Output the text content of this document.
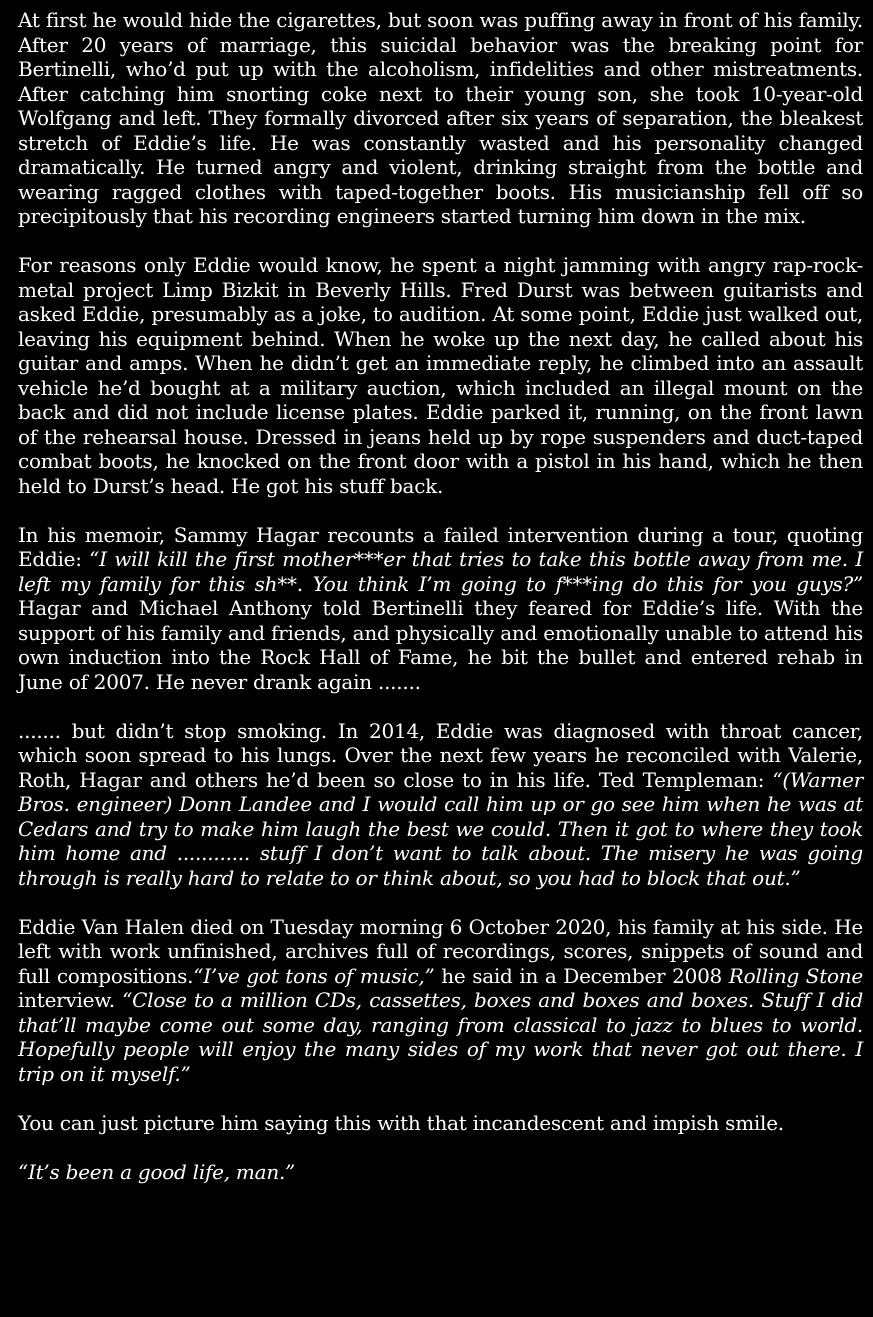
At first he would hide the cigarettes, but soon was puffing away in front of his family. After 20 years of marriage, this suicidal behavior was the breaking point for Bertinelli, who’d put up with the alcoholism, infidelities and other mistreatments. After catching him snorting coke next to their young son, she took 10-year-old Wolfgang and left. They formally divorced after six years of separation, the bleakest stretch of Eddie’s life. He was constantly wasted and his personality changed dramatically. He turned angry and violent, drinking straight from the bottle and wearing ragged clothes with taped-together boots. His musicianship fell off so precipitously that his recording engineers started turning him down in the mix.

For reasons only Eddie would know, he spent a night jamming with angry rap-rock-metal project Limp Bizkit in Beverly Hills. Fred Durst was between guitarists and asked Eddie, presumably as a joke, to audition. At some point, Eddie just walked out, leaving his equipment behind. When he woke up the next day, he called about his guitar and amps. When he didn’t get an immediate reply, he climbed into an assault vehicle he’d bought at a military auction, which included an illegal mount on the back and did not include license plates. Eddie parked it, running, on the front lawn of the rehearsal house. Dressed in jeans held up by rope suspenders and duct-taped combat boots, he knocked on the front door with a pistol in his hand, which he then held to Durst’s head. He got his stuff back.

In his memoir, Sammy Hagar recounts a failed intervention during a tour, quoting Eddie: “I will kill the first mother***er that tries to take this bottle away from me. I left my family for this sh**. You think I’m going to f***ing do this for you guys?” Hagar and Michael Anthony told Bertinelli they feared for Eddie’s life. With the support of his family and friends, and physically and emotionally unable to attend his own induction into the Rock Hall of Fame, he bit the bullet and entered rehab in June of 2007. He never drank again .......

....... but didn’t stop smoking. In 2014, Eddie was diagnosed with throat cancer, which soon spread to his lungs. Over the next few years he reconciled with Valerie, Roth, Hagar and others he’d been so close to in his life. Ted Templeman: “(Warner Bros. engineer) Donn Landee and I would call him up or go see him when he was at Cedars and try to make him laugh the best we could. Then it got to where they took him home and ............ stuff I don’t want to talk about. The misery he was going through is really hard to relate to or think about, so you had to block that out.”

Eddie Van Halen died on Tuesday morning 6 October 2020, his family at his side. He left with work unfinished, archives full of recordings, scores, snippets of sound and full compositions.“I’ve got tons of music,” he said in a December 2008 Rolling Stone interview. “Close to a million CDs, cassettes, boxes and boxes and boxes. Stuff I did that’ll maybe come out some day, ranging from classical to jazz to blues to world. Hopefully people will enjoy the many sides of my work that never got out there. I trip on it myself.”

You can just picture him saying this with that incandescent and impish smile.

“It’s been a good life, man.”
